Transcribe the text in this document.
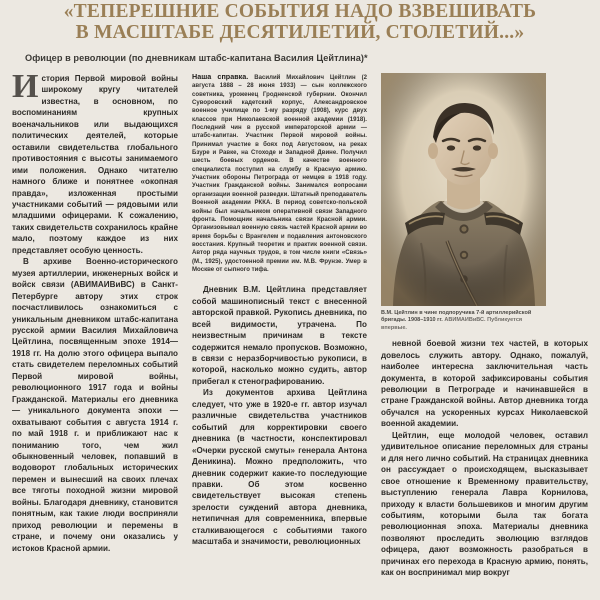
«ТЕПЕРЕШНИЕ СОБЫТИЯ НАДО ВЗВЕШИВАТЬ
В МАСШТАБЕ ДЕСЯТИЛЕТИЙ, СТОЛЕТИЙ...»

Офицер в революции (по дневникам штабс-капитана Василия Цейтлина)*

История Первой мировой войны широкому кругу читателей известна, в основном, по воспоминаниям крупных военачальников или выдающихся политических деятелей, которые оставили свидетельства глобального противостояния с высоты занимаемого ими положения. Однако читателю намного ближе и понятнее «окопная правда», изложенная простыми участниками событий — рядовыми или младшими офицерами. К сожалению, таких свидетельств сохранилось крайне мало, поэтому каждое из них представляет особую ценность.

В архиве Военно-исторического музея артиллерии, инженерных войск и войск связи (АВИМАИВиВС) в Санкт-Петербурге автору этих строк посчастливилось ознакомиться с уникальным дневником штабс-капитана русской армии Василия Михайловича Цейтлина, посвященным эпохе 1914—1918 гг. На долю этого офицера выпало стать свидетелем переломных событий Первой мировой войны, революционного 1917 года и войны Гражданской. Материалы его дневника — уникального документа эпохи — охватывают события с августа 1914 г. по май 1918 г. и приближают нас к пониманию того, чем жил обыкновенный человек, попавший в водоворот глобальных исторических перемен и вынесший на своих плечах все тяготы походной жизни мировой войны. Благодаря дневнику, становится понятным, как такие люди восприняли приход революции и перемены в стране, и почему они оказались у истоков Красной армии.

Наша справка. Василий Михайлович Цейтлин (2 августа 1888 – 28 июня 1933) — сын коллежского советника, уроженец Гродненской губернии. Окончил Суворовский кадетский корпус, Александровское военное училище по 1-му разряду (1908), курс двух классов при Николаевской военной академии (1918). Последний чин в русской императорской армии — штабс-капитан. Участник Первой мировой войны. Принимал участие в боях под Августовом, на реках Бзуре и Равке, на Стоходе и Западной Двине. Получил шесть боевых орденов. В качестве военного специалиста поступил на службу в Красную армию. Участник обороны Петрограда от немцев в 1918 году. Участник Гражданской войны. Занимался вопросами организации военной разведки. Штатный преподаватель Военной академии РККА. В период советско-польской войны был начальником оперативной связи Западного фронта. Помощник начальника связи Красной армии. Организовывал военную связь частей Красной армии во время борьбы с Врангелем и подавления антоновского восстания. Крупный теоретик и практик военной связи. Автор ряда научных трудов, в том числе книги «Связь» (М., 1925), удостоенной премии им. М.В. Фрунзе. Умер в Москве от сыпного тифа.

Дневник В.М. Цейтлина представляет собой машинописный текст с внесенной авторской правкой. Рукопись дневника, по всей видимости, утрачена. По неизвестным причинам в тексте содержится немало пропусков. Возможно, в связи с неразборчивостью рукописи, в которой, насколько можно судить, автор прибегал к стенографированию.

Из документов архива Цейтлина следует, что уже в 1920-е гг. автор изучал различные свидетельства участников событий для корректировки своего дневника (в частности, конспектировал «Очерки русской смуты» генерала Антона Деникина). Можно предположить, что дневник содержит какие-то последующие правки. Об этом косвенно свидетельствует высокая степень зрелости суждений автора дневника, нетипичная для современника, впервые сталкивающегося с событиями такого масштаба и значимости, революционных

В.М. Цейтлин в чине подпоручика 7-й артиллерийской бригады. 1908–1910 гг. АВИМАИВиВС. Публикуется впервые.

невной боевой жизни тех частей, в которых довелось служить автору. Однако, пожалуй, наиболее интересна заключительная часть документа, в которой зафиксированы события революции в Петрограде и начинавшейся в стране Гражданской войны. Автор дневника тогда обучался на ускоренных курсах Николаевской военной академии.

Цейтлин, еще молодой человек, оставил удивительное описание переломных для страны и для него лично событий. На страницах дневника он рассуждает о происходящем, высказывает свое отношение к Временному правительству, выступлению генерала Лавра Корнилова, приходу к власти большевиков и многим другим событиям, которыми была так богата революционная эпоха. Материалы дневника позволяют проследить эволюцию взглядов офицера, дают возможность разобраться в причинах его перехода в Красную армию, понять, как он воспринимал мир вокруг
